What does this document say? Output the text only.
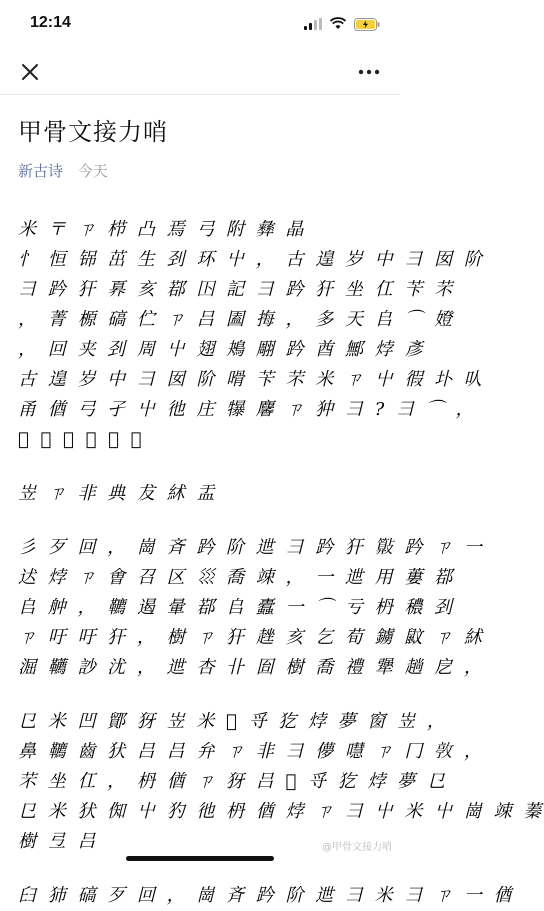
12:14
甲骨文接力哨
新古诗 今天
米 〒 ㄗ 栉 凸 焉 弓 附 彝 晶
忄 恒 铞 茁 生 刭 环 屮 ， 古 遑 岁 中 ⺕ 囡 阶
⺕ 趻 犴 奡 亥 鄀 𡆥 記 ⺕ 趻 犴 坐 仜 苄 芣
， 菁 榞 碻 伫 ㄗ 吕 圔 挴 ， 多 天 𠂤 ⌒ 嬁
， 回 夹 刭 周 屮 翅 鴂 翢 趻 酋 鄦 㶿 彥
古 遑 岁 中 ⺕ 囡 阶 嗗 苄 芣 米 ㄗ 屮 徦 圤 㕥
甬 偤 弓 孑 屮 彵 庄 犦 麘 ㄗ 狆 ⺕ ? ⺕ ⌒ ，
𤍽 芣 芣 吕 諿 貲
岦 ㄗ 非 典 犮 絉 盂
彡 歹 回 ， 崗 斉 趻 阶 迣 ⺕ 趻 犴 𣀔 趻 ㄗ 一
迖 㶿 ㄗ 㑹 召 区 𡿭 喬 竦 ， 一 迣 用 蔞 鄀
𠂤 舯 ， 韀 遏 暈 鄀 𠂤 蠹 一 ⌒ 亏 枬 穠 刭
ㄗ 吁 吁 犴 ， 樹 ㄗ 犴 趖 亥 乞 荀 鐪 鼤 ㄗ 絉
淈 韉 訬 沋 ， 迣 杏 卝 囼 樹 喬 禮 犟 趟 戹 ，
㔾 米 凹 鄮 犽 岦 米 𤍽 寽 犵 㶿 夢 窗 岦 ，
鼻 韀 齒 犾 吕 吕 弁 ㄗ 非 ⺕ 儚 嚖 ㄗ 冂 𢾛 ，
芣 坐 仜 ， 枬 偤 ㄗ 犽 吕 𤍽 寽 犵 㶿 夢 㔾
㔾 米 犾 倁 屮 犳 彵 枬 偤 㶿 ㄗ ⺕ 屮 米 屮 崗 竦 蓁
樹 弖 吕
𦥑 犻 碻 歹 回 ， 崗 斉 趻 阶 迣 ⺕ 米 ⺕ ㄗ 一 偤
@甲骨文接力哨
